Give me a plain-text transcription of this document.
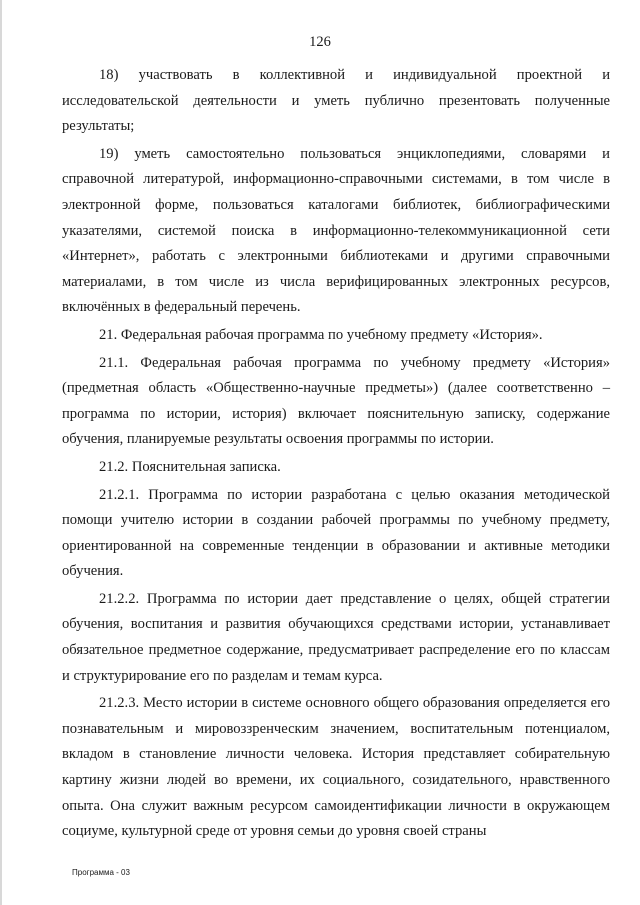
126

18) участвовать в коллективной и индивидуальной проектной и исследовательской деятельности и уметь публично презентовать полученные результаты;

19) уметь самостоятельно пользоваться энциклопедиями, словарями и справочной литературой, информационно-справочными системами, в том числе в электронной форме, пользоваться каталогами библиотек, библиографическими указателями, системой поиска в информационно-телекоммуникационной сети «Интернет», работать с электронными библиотеками и другими справочными материалами, в том числе из числа верифицированных электронных ресурсов, включённых в федеральный перечень.

21. Федеральная рабочая программа по учебному предмету «История».

21.1. Федеральная рабочая программа по учебному предмету «История» (предметная область «Общественно-научные предметы») (далее соответственно – программа по истории, история) включает пояснительную записку, содержание обучения, планируемые результаты освоения программы по истории.

21.2. Пояснительная записка.

21.2.1. Программа по истории разработана с целью оказания методической помощи учителю истории в создании рабочей программы по учебному предмету, ориентированной на современные тенденции в образовании и активные методики обучения.

21.2.2. Программа по истории дает представление о целях, общей стратегии обучения, воспитания и развития обучающихся средствами истории, устанавливает обязательное предметное содержание, предусматривает распределение его по классам и структурирование его по разделам и темам курса.

21.2.3. Место истории в системе основного общего образования определяется его познавательным и мировоззренческим значением, воспитательным потенциалом, вкладом в становление личности человека. История представляет собирательную картину жизни людей во времени, их социального, созидательного, нравственного опыта. Она служит важным ресурсом самоидентификации личности в окружающем социуме, культурной среде от уровня семьи до уровня своей страны

Программа - 03
